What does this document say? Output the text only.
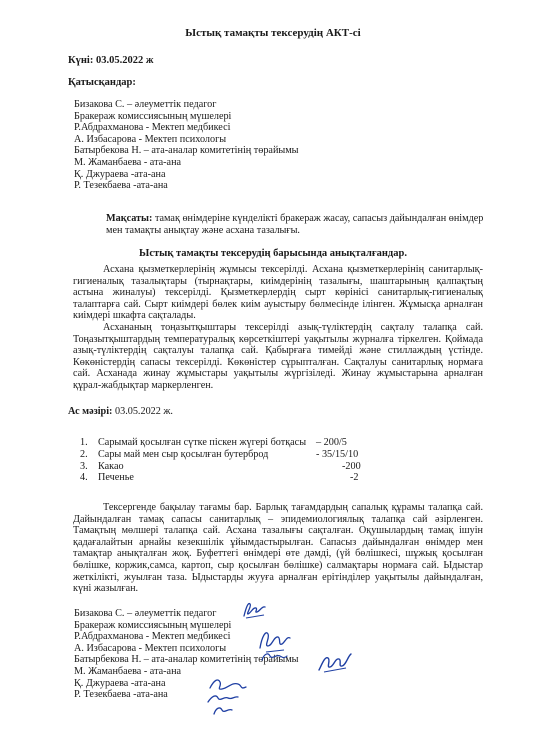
Ыстық тамақты тексерудің АКТ-сі
Күні: 03.05.2022 ж
Қатысқандар:
Бизакова С. – әлеуметтік педагог
Бракераж комиссиясының мүшелері
Р.Абдрахманова - Мектеп медбикесі
А. Избасарова - Мектеп психологы
Батырбекова Н. – ата-аналар комитетінің төрайымы
М. Жаманбаева - ата-ана
Қ. Джураева -ата-ана
Р. Тезекбаева -ата-ана
Мақсаты: тамақ өнімдеріне күнделікті бракераж жасау, сапасыз дайындалған өнімдер мен тамақты анықтау және асхана тазалығы.
Ыстық тамақты тексерудің барысында анықталғандар.

Асхана қызметкерлерінің жұмысы тексерілді. Асхана қызметкерлерінің санитарлық-гигиеналық тазалықтары (тырнақтары, киімдерінің тазалығы, шаштарының қалпақтың астына жиналуы) тексерілді. Қызметкерлердің сырт көрінісі санитарлық-гигиеналық талаптарға сай. Сырт киімдері бөлек киім ауыстыру бөлмесінде ілінген. Жұмысқа арналған киімдері шкафта сақталады.

Асхананың тоңазытқыштары тексерілді азық-түліктердің сақталу талапқа сай. Тоңазытқыштардың температуралық көрсеткіштері уақытылы журналға тіркелген. Қоймада азық-түліктердің сақталуы талапқа сай. Қабырғаға тимейді және стиллаждың үстінде. Көкөністердің сапасы тексерілді. Көкөністер сұрыпталған. Сақталуы санитарлық нормаға сай. Асханада жинау жұмыстары уақытылы жүргізіледі. Жинау жұмыстарына арналған құрал-жабдықтар маркерленген.

Ас мәзірі: 03.05.2022 ж.
1. Сарымай қосылған сүтке піскен жүгері ботқасы – 200/5
2. Сары май мен сыр қосылған бутерброд	- 35/15/10
3. Какао	-200
4. Печенье	-2

Тексергенде бақылау тағамы бар. Барлық тағамдардың сапалық құрамы талапқа сай. Дайындалған тамақ сапасы санитарлық – эпидемиологиялық талапқа сай әзірленген. Тамақтың мөлшері талапқа сай. Асхана тазалығы сақталған. Оқушылардың тамақ ішуін қадағалайтын арнайы кезекшілік ұйымдастырылған. Сапасыз дайындалған өнімдер мен тамақтар анықталған жоқ. Буфеттегі өнімдері өте дәмді, (үй бөлішкесі, шұжық қосылған бөлішке, коржик,самса, картоп, сыр қосылған бөлішке) салмақтары нормаға сай. Ыдыстар жеткілікті, жуылған таза. Ыдыстарды жууға арналған ерітінділер уақытылы дайындалған, күні жазылған.

Бизакова С. – әлеуметтік педагог
Бракераж комиссиясының мүшелері
Р.Абдрахманова - Мектеп медбикесі
А. Избасарова - Мектеп психологы
Батырбекова Н. – ата-аналар комитетінің төрайымы
М. Жаманбаева - ата-ана
Қ. Джураева -ата-ана
Р. Тезекбаева -ата-ана
